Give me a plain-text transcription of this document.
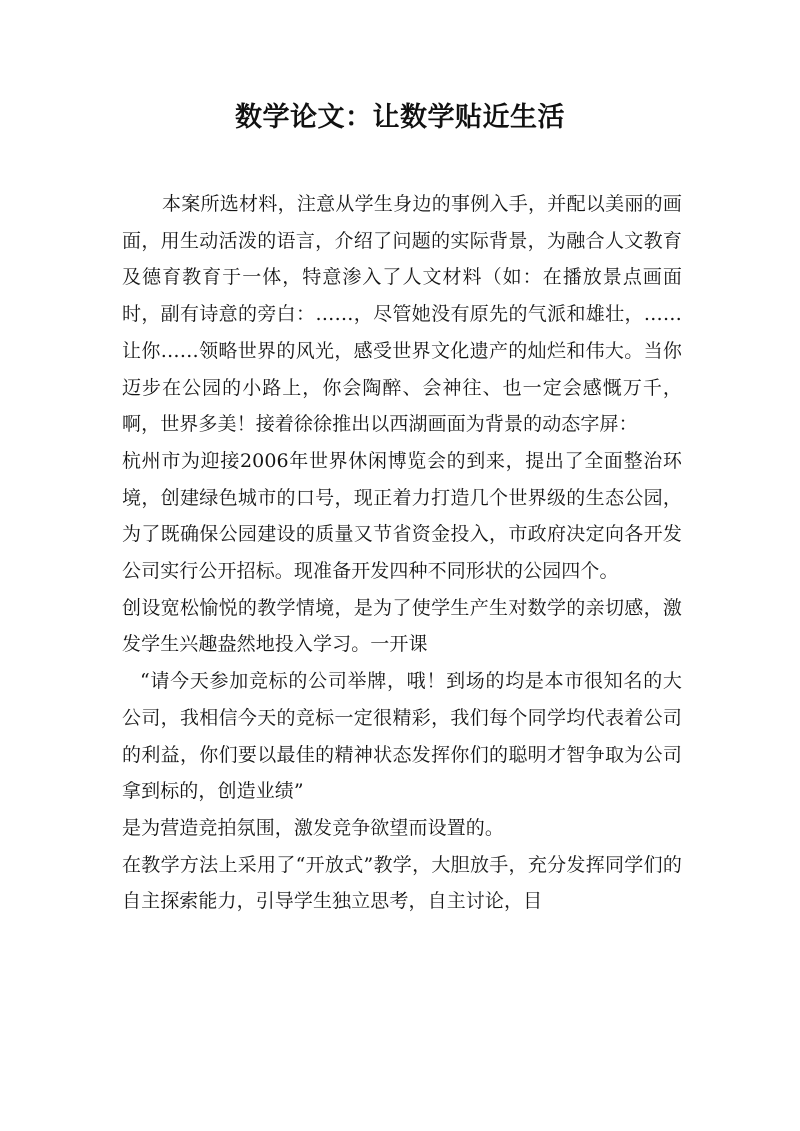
数学论文：让数学贴近生活

本案所选材料，注意从学生身边的事例入手，并配以美丽的画面，用生动活泼的语言，介绍了问题的实际背景，为融合人文教育及德育教育于一体，特意渗入了人文材料（如：在播放景点画面时，副有诗意的旁白：……，尽管她没有原先的气派和雄壮，……让你……领略世界的风光，感受世界文化遗产的灿烂和伟大。当你迈步在公园的小路上，你会陶醉、会神往、也一定会感慨万千，啊，世界多美！接着徐徐推出以西湖画面为背景的动态字屏：

杭州市为迎接2006年世界休闲博览会的到来，提出了全面整治环境，创建绿色城市的口号，现正着力打造几个世界级的生态公园，为了既确保公园建设的质量又节省资金投入，市政府决定向各开发公司实行公开招标。现准备开发四种不同形状的公园四个。

创设宽松愉悦的教学情境，是为了使学生产生对数学的亲切感，激发学生兴趣盎然地投入学习。一开课

“请今天参加竞标的公司举牌，哦！到场的均是本市很知名的大公司，我相信今天的竞标一定很精彩，我们每个同学均代表着公司的利益，你们要以最佳的精神状态发挥你们的聪明才智争取为公司拿到标的，创造业绩”

是为营造竞拍氛围，激发竞争欲望而设置的。

在教学方法上采用了“开放式”教学，大胆放手，充分发挥同学们的自主探索能力，引导学生独立思考，自主讨论，目
